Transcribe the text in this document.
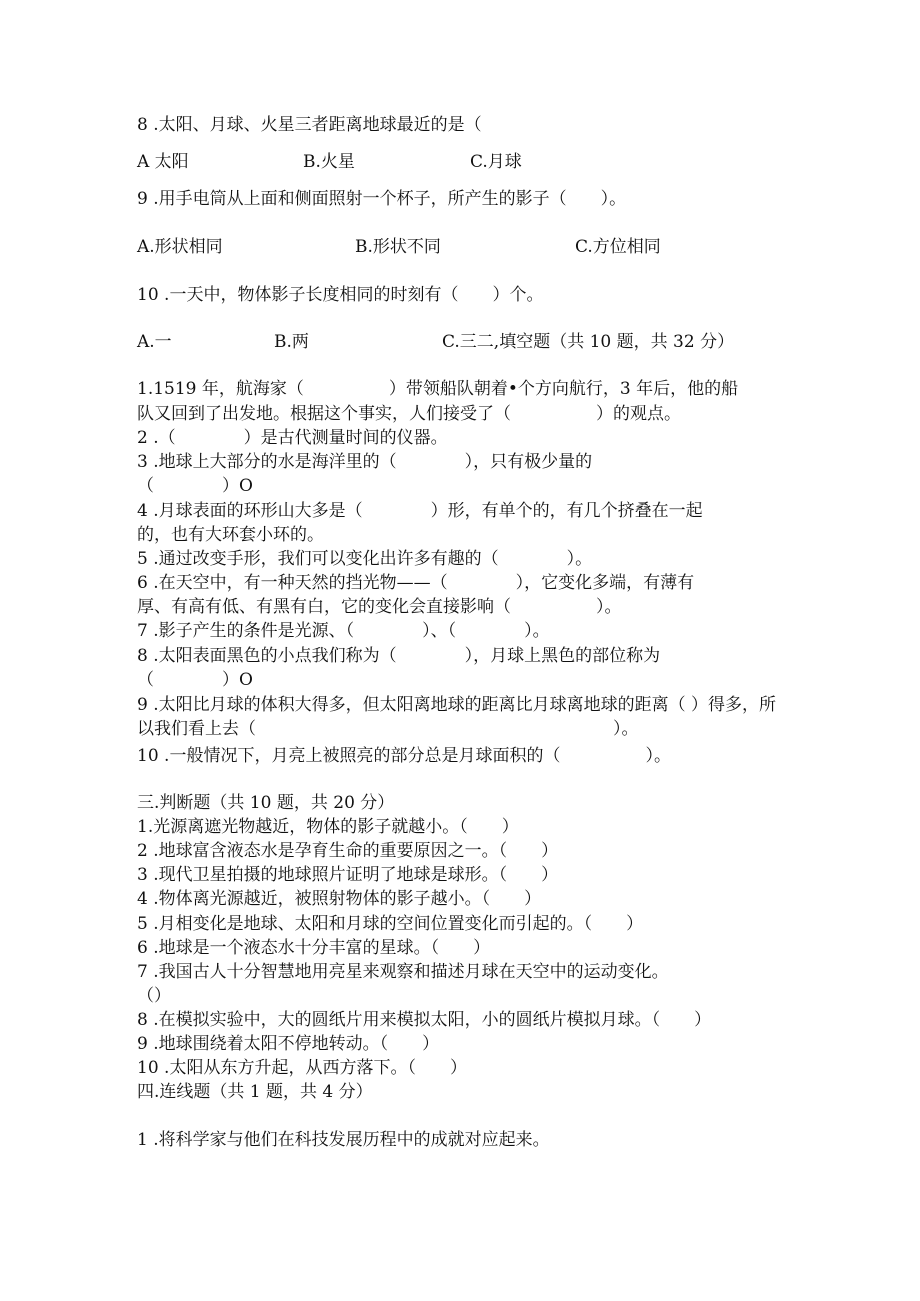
8 .太阳、月球、火星三者距离地球最近的是（
A 太阳	B.火星	C.月球
9 .用手电筒从上面和侧面照射一个杯子，所产生的影子（　　）。
A.形状相同	B.形状不同	C.方位相同
10 .一天中，物体影子长度相同的时刻有（　　）个。
A.一	B.两	C.三二,填空题（共 10 题，共 32 分）
1.1519 年，航海家（　　　　　）带领船队朝着•个方向航行，3 年后，他的船
队又回到了出发地。根据这个事实，人们接受了（　　　　　）的观点。
2 .（　　　　）是古代测量时间的仪器。
3 .地球上大部分的水是海洋里的（　　　　），只有极少量的
（　　　　）O
4 .月球表面的环形山大多是（　　　　）形，有单个的，有几个挤叠在一起
的，也有大环套小环的。
5 .通过改变手形，我们可以变化出许多有趣的（　　　　）。
6 .在天空中，有一种天然的挡光物——（　　　　），它变化多端，有薄有
厚、有高有低、有黑有白，它的变化会直接影响（　　　　　）。
7 .影子产生的条件是光源、（　　　　）、（　　　　）。
8 .太阳表面黑色的小点我们称为（　　　　），月球上黑色的部位称为
（　　　　）O
9 .太阳比月球的体积大得多，但太阳离地球的距离比月球离地球的距离（ ）得多，所
以我们看上去（　　　　　　　　　　　　　　　　　　　　　）。
10 .一般情况下，月亮上被照亮的部分总是月球面积的（　　　　　）。
三.判断题（共 10 题，共 20 分）
1.光源离遮光物越近，物体的影子就越小。（　　）
2 .地球富含液态水是孕育生命的重要原因之一。（　　）
3 .现代卫星拍摄的地球照片证明了地球是球形。（　　）
4 .物体离光源越近，被照射物体的影子越小。（　　）
5 .月相变化是地球、太阳和月球的空间位置变化而引起的。（　　）
6 .地球是一个液态水十分丰富的星球。（　　）
7 .我国古人十分智慧地用亮星来观察和描述月球在天空中的运动变化。
（）
8 .在模拟实验中，大的圆纸片用来模拟太阳，小的圆纸片模拟月球。（　　）
9 .地球围绕着太阳不停地转动。（　　）
10 .太阳从东方升起，从西方落下。（　　）
四.连线题（共 1 题，共 4 分）
1 .将科学家与他们在科技发展历程中的成就对应起来。
